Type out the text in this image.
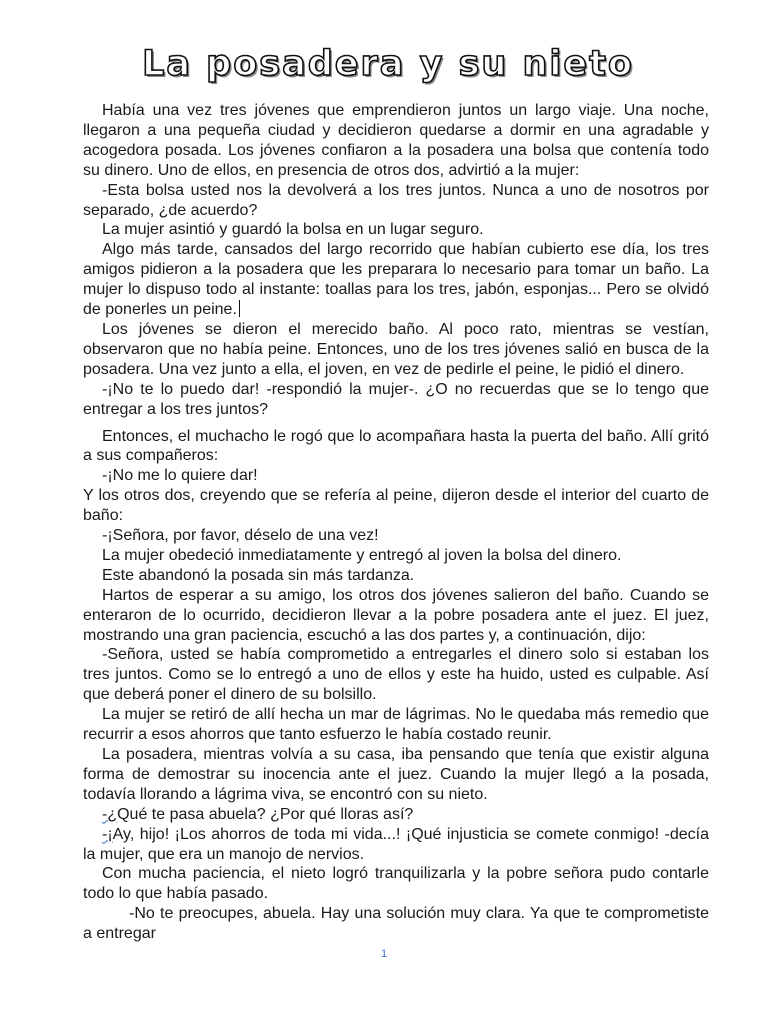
La posadera y su nieto

Había una vez tres jóvenes que emprendieron juntos un largo viaje. Una noche, llegaron a una pequeña ciudad y decidieron quedarse a dormir en una agradable y acogedora posada. Los jóvenes confiaron a la posadera una bolsa que contenía todo su dinero. Uno de ellos, en presencia de otros dos, advirtió a la mujer:

-Esta bolsa usted nos la devolverá a los tres juntos. Nunca a uno de nosotros por separado, ¿de acuerdo?

La mujer asintió y guardó la bolsa en un lugar seguro.

Algo más tarde, cansados del largo recorrido que habían cubierto ese día, los tres amigos pidieron a la posadera que les preparara lo necesario para tomar un baño. La mujer lo dispuso todo al instante: toallas para los tres, jabón, esponjas... Pero se olvidó de ponerles un peine.

Los jóvenes se dieron el merecido baño. Al poco rato, mientras se vestían, observaron que no había peine. Entonces, uno de los tres jóvenes salió en busca de la posadera. Una vez junto a ella, el joven, en vez de pedirle el peine, le pidió el dinero.

-¡No te lo puedo dar! -respondió la mujer-. ¿O no recuerdas que se lo tengo que entregar a los tres juntos?

Entonces, el muchacho le rogó que lo acompañara hasta la puerta del baño. Allí gritó a sus compañeros:

-¡No me lo quiere dar!

Y los otros dos, creyendo que se refería al peine, dijeron desde el interior del cuarto de baño:

-¡Señora, por favor, déselo de una vez!

La mujer obedeció inmediatamente y entregó al joven la bolsa del dinero.

Este abandonó la posada sin más tardanza.

Hartos de esperar a su amigo, los otros dos jóvenes salieron del baño. Cuando se enteraron de lo ocurrido, decidieron llevar a la pobre posadera ante el juez. El juez, mostrando una gran paciencia, escuchó a las dos partes y, a continuación, dijo:

-Señora, usted se había comprometido a entregarles el dinero solo si estaban los tres juntos. Como se lo entregó a uno de ellos y este ha huido, usted es culpable. Así que deberá poner el dinero de su bolsillo.

La mujer se retiró de allí hecha un mar de lágrimas. No le quedaba más remedio que recurrir a esos ahorros que tanto esfuerzo le había costado reunir.

La posadera, mientras volvía a su casa, iba pensando que tenía que existir alguna forma de demostrar su inocencia ante el juez. Cuando la mujer llegó a la posada, todavía llorando a lágrima viva, se encontró con su nieto.

-¿Qué te pasa abuela? ¿Por qué lloras así?

-¡Ay, hijo! ¡Los ahorros de toda mi vida...! ¡Qué injusticia se comete conmigo! -decía la mujer, que era un manojo de nervios.

Con mucha paciencia, el nieto logró tranquilizarla y la pobre señora pudo contarle todo lo que había pasado.

-No te preocupes, abuela. Hay una solución muy clara. Ya que te comprometiste a entregar

1
